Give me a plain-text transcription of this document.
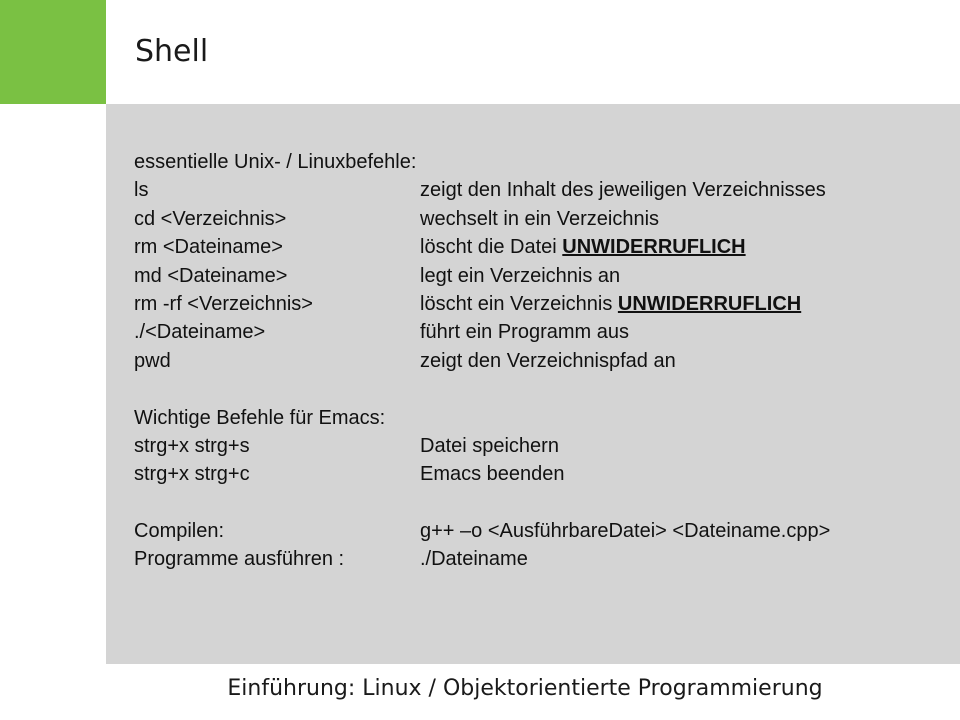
Shell
essentielle Unix- / Linuxbefehle:
ls	zeigt den Inhalt des jeweiligen Verzeichnisses
cd <Verzeichnis>	wechselt in ein Verzeichnis
rm <Dateiname>	löscht die Datei UNWIDERRUFLICH
md <Dateiname>	legt ein Verzeichnis an
rm -rf <Verzeichnis>	löscht ein Verzeichnis UNWIDERRUFLICH
./<Dateiname>	führt ein Programm aus
pwd	zeigt den Verzeichnispfad an
Wichtige Befehle für Emacs:
strg+x strg+s	Datei speichern
strg+x strg+c	Emacs beenden
Compilen:	g++ –o <AusführbareDatei> <Dateiname.cpp>
Programme ausführen :	./Dateiname
Einführung: Linux / Objektorientierte Programmierung
